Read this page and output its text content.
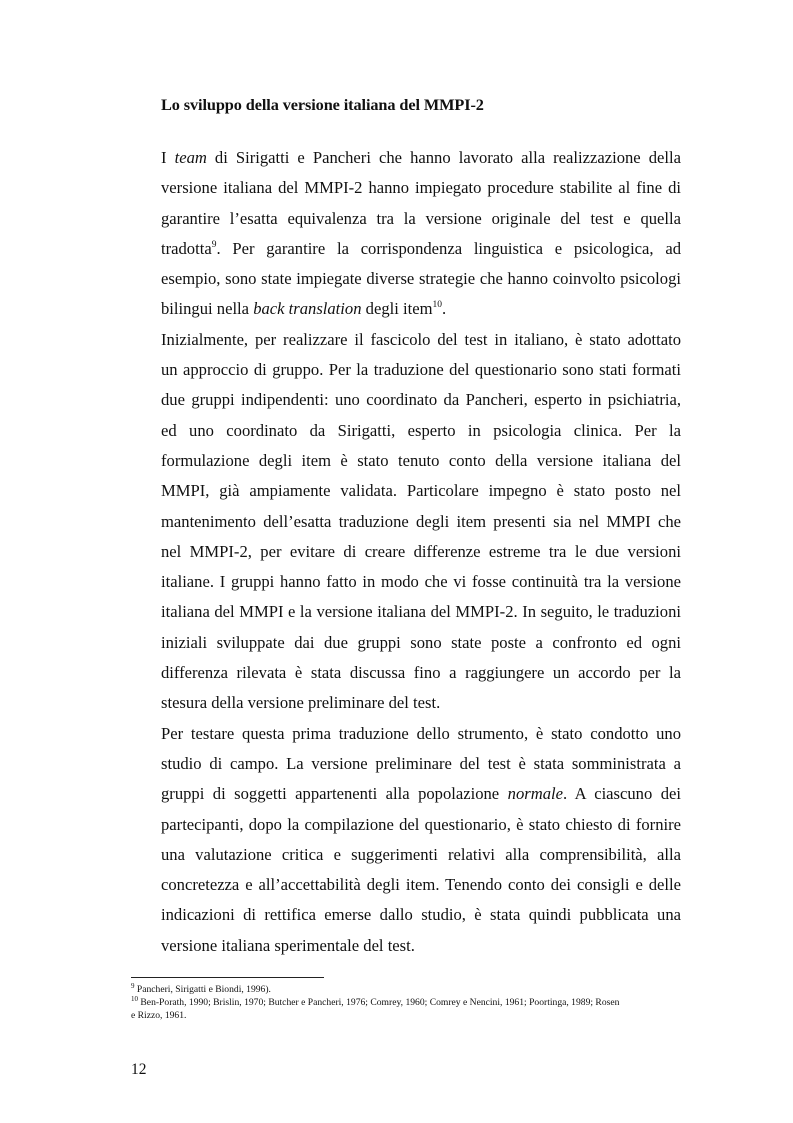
Lo sviluppo della versione italiana del MMPI-2

I team di Sirigatti e Pancheri che hanno lavorato alla realizzazione della
versione italiana del MMPI-2 hanno impiegato procedure stabilite al fine di
garantire l’esatta equivalenza tra la versione originale del test e quella
tradotta$^9$. Per garantire la corrispondenza linguistica e psicologica, ad
esempio, sono state impiegate diverse strategie che hanno coinvolto psicologi
bilingui nella back translation degli item$^{10}$.

Inizialmente, per realizzare il fascicolo del test in italiano, è stato adottato
un approccio di gruppo. Per la traduzione del questionario sono stati formati
due gruppi indipendenti: uno coordinato da Pancheri, esperto in psichiatria,
ed uno coordinato da Sirigatti, esperto in psicologia clinica. Per la
formulazione degli item è stato tenuto conto della versione italiana del
MMPI, già ampiamente validata. Particolare impegno è stato posto nel
mantenimento dell’esatta traduzione degli item presenti sia nel MMPI che
nel MMPI-2, per evitare di creare differenze estreme tra le due versioni
italiane. I gruppi hanno fatto in modo che vi fosse continuità tra la versione
italiana del MMPI e la versione italiana del MMPI-2. In seguito, le traduzioni
iniziali sviluppate dai due gruppi sono state poste a confronto ed ogni
differenza rilevata è stata discussa fino a raggiungere un accordo per la
stesura della versione preliminare del test.

Per testare questa prima traduzione dello strumento, è stato condotto uno
studio di campo. La versione preliminare del test è stata somministrata a
gruppi di soggetti appartenenti alla popolazione normale. A ciascuno dei
partecipanti, dopo la compilazione del questionario, è stato chiesto di fornire
una valutazione critica e suggerimenti relativi alla comprensibilità, alla
concretezza e all’accettabilità degli item. Tenendo conto dei consigli e delle
indicazioni di rettifica emerse dallo studio, è stata quindi pubblicata una
versione italiana sperimentale del test.

$^9$ Pancheri, Sirigatti e Biondi, 1996).
$^{10}$ Ben-Porath, 1990; Brislin, 1970; Butcher e Pancheri, 1976; Comrey, 1960; Comrey e Nencini, 1961; Poortinga, 1989; Rosen
e Rizzo, 1961.
12
